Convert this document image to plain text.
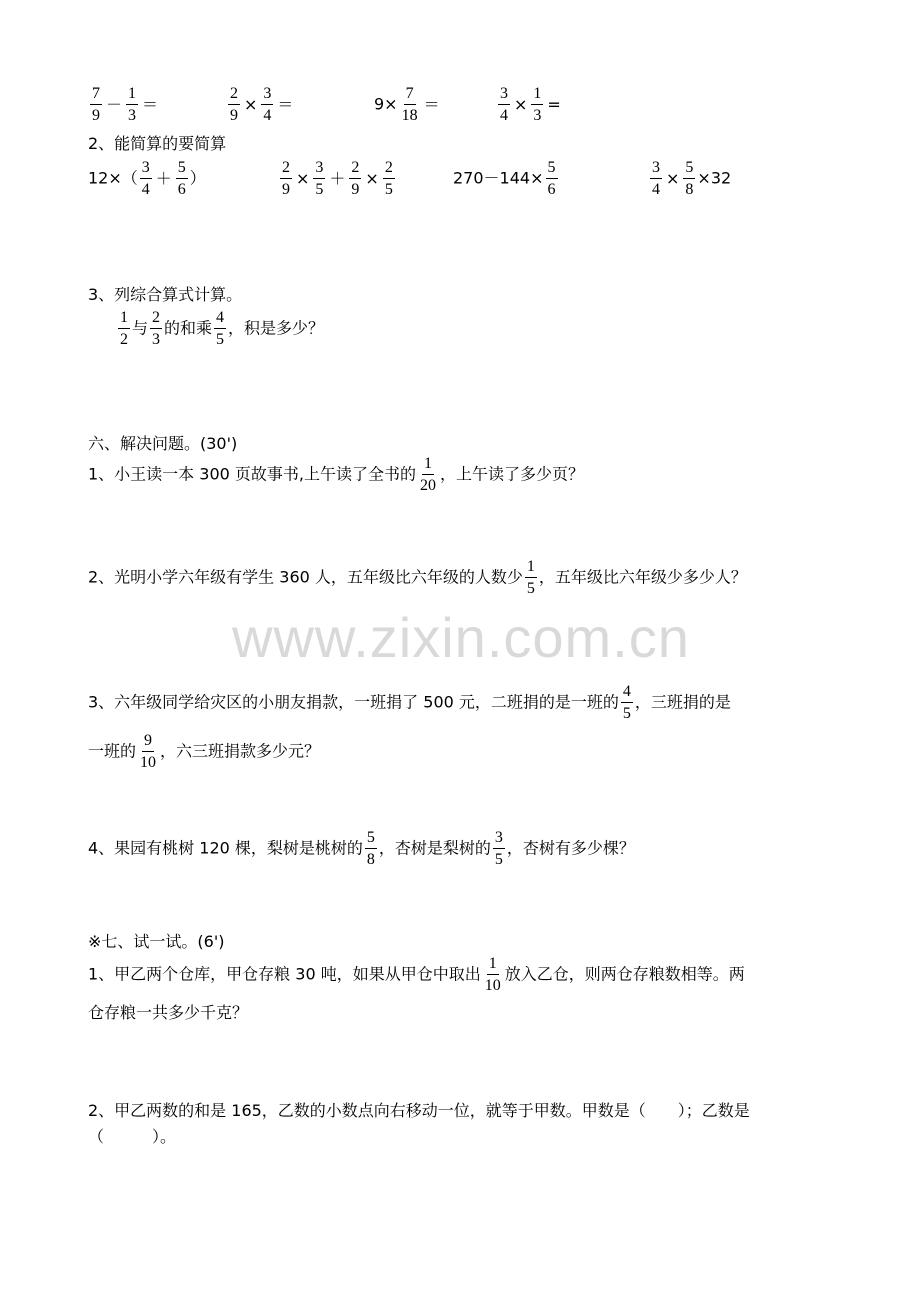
$\frac{7}{9} - \frac{1}{3}$ ＝	$\frac{2}{9} \times \frac{3}{4}$ ＝	$9\times \frac{7}{18}$ ＝	$\frac{3}{4} \times \frac{1}{3}$ =
2、能简算的要简算
$12\times( \frac{3}{4} + \frac{5}{6}$ ）	$\frac{2}{9} \times \frac{3}{5} + \frac{2}{9} \times \frac{2}{5}$	$270-144\times \frac{5}{6}$	$\frac{3}{4} \times \frac{5}{8} \times 32$
3、列综合算式计算。
$\frac{1}{2}$ 与 $\frac{2}{3}$ 的和乘 $\frac{4}{5}$ ，积是多少？
六、解决问题。(30')
1、小王读一本 300 页故事书,上午读了全书的 $\frac{1}{20}$ ，上午读了多少页？
2、光明小学六年级有学生 360 人，五年级比六年级的人数少 $\frac{1}{5}$ ，五年级比六年级少多少人？
www.zixin.com.cn
3、六年级同学给灾区的小朋友捐款，一班捐了 500 元，二班捐的是一班的 $\frac{4}{5}$ ，三班捐的是
一班的 $\frac{9}{10}$ ，六三班捐款多少元？
4、果园有桃树 120 棵，梨树是桃树的 $\frac{5}{8}$ ，杏树是梨树的 $\frac{3}{5}$ ，杏树有多少棵？
※七、试一试。(6')
1、甲乙两个仓库，甲仓存粮 30 吨，如果从甲仓中取出 $\frac{1}{10}$ 放入乙仓，则两仓存粮数相等。两
仓存粮一共多少千克？
2、甲乙两数的和是 165，乙数的小数点向右移动一位，就等于甲数。甲数是（　　）；乙数是
（　　　）。
